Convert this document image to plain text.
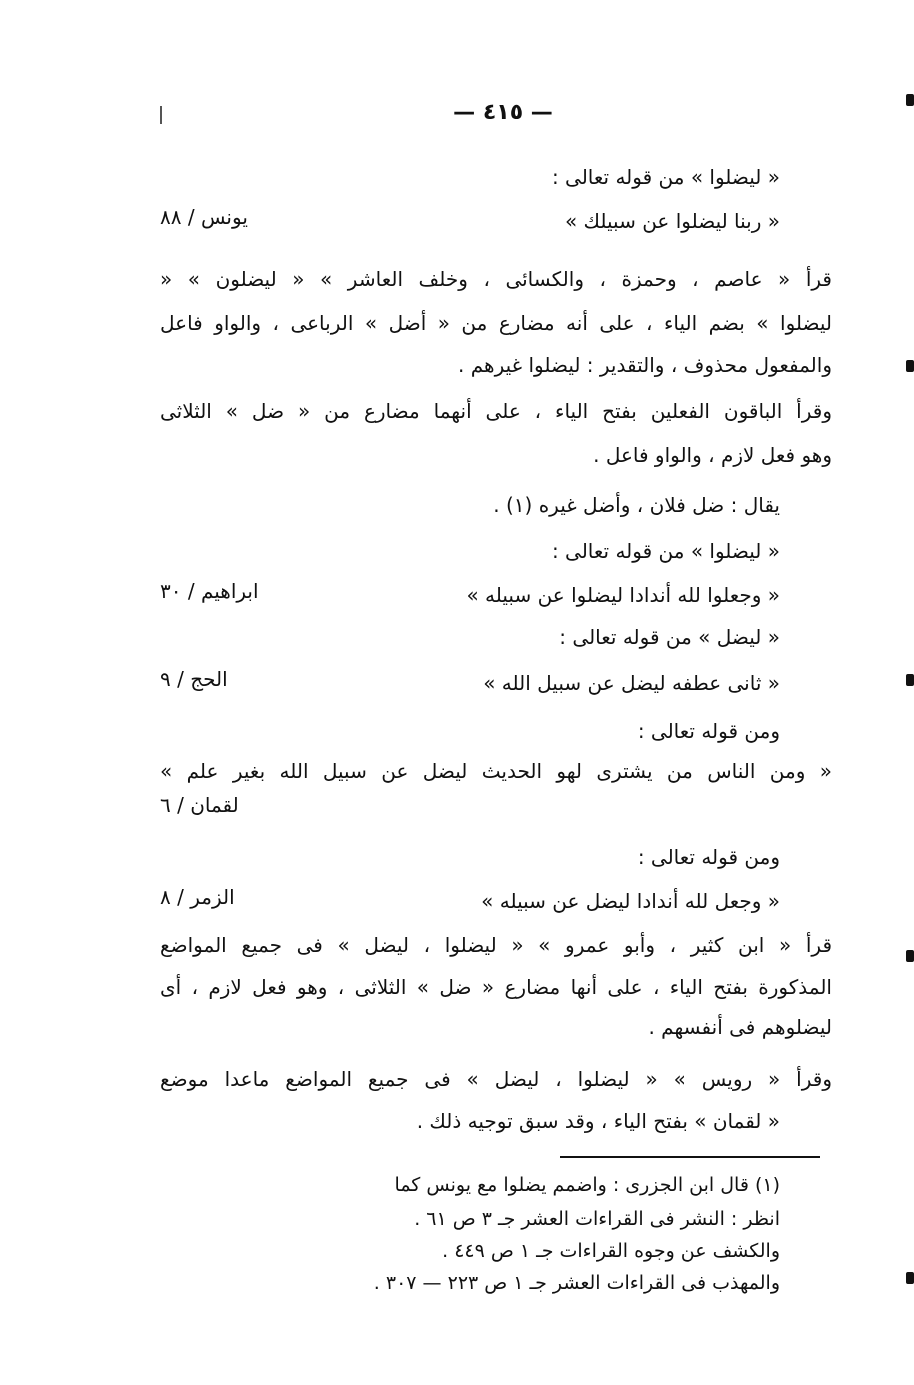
— ٤١٥ —
« ليضلوا » من قوله تعالى :
« ربنا ليضلوا عن سبيلك »
يونس / ٨٨
قرأ « عاصم ، وحمزة ، والكسائى ، وخلف العاشر » « ليضلون » «
ليضلوا » بضم الياء ، على أنه مضارع من « أضل » الرباعى ، والواو فاعل
والمفعول محذوف ، والتقدير : ليضلوا غيرهم .
وقرأ الباقون الفعلين بفتح الياء ، على أنهما مضارع من « ضل » الثلاثى
وهو فعل لازم ، والواو فاعل .
يقال : ضل فلان ، وأضل غيره (١) .
« ليضلوا » من قوله تعالى :
« وجعلوا لله أندادا ليضلوا عن سبيله »
ابراهيم / ٣٠
« ليضل » من قوله تعالى :
« ثانى عطفه ليضل عن سبيل الله »
الحج / ٩
ومن قوله تعالى :
« ومن الناس من يشترى لهو الحديث ليضل عن سبيل الله بغير علم »
لقمان / ٦
ومن قوله تعالى :
« وجعل لله أندادا ليضل عن سبيله »
الزمر / ٨
قرأ « ابن كثير ، وأبو عمرو » « ليضلوا ، ليضل » فى جميع المواضع
المذكورة بفتح الياء ، على أنها مضارع « ضل » الثلاثى ، وهو فعل لازم ، أى
ليضلوهم فى أنفسهم .
وقرأ « رويس » « ليضلوا ، ليضل » فى جميع المواضع ماعدا موضع
« لقمان » بفتح الياء ، وقد سبق توجيه ذلك .
(١) قال ابن الجزرى : واضمم يضلوا مع يونس كما
انظر : النشر فى القراءات العشر جـ ٣ ص ٦١ .
والكشف عن وجوه القراءات جـ ١ ص ٤٤٩ .
والمهذب فى القراءات العشر جـ ١ ص ٢٢٣ — ٣٠٧ .
